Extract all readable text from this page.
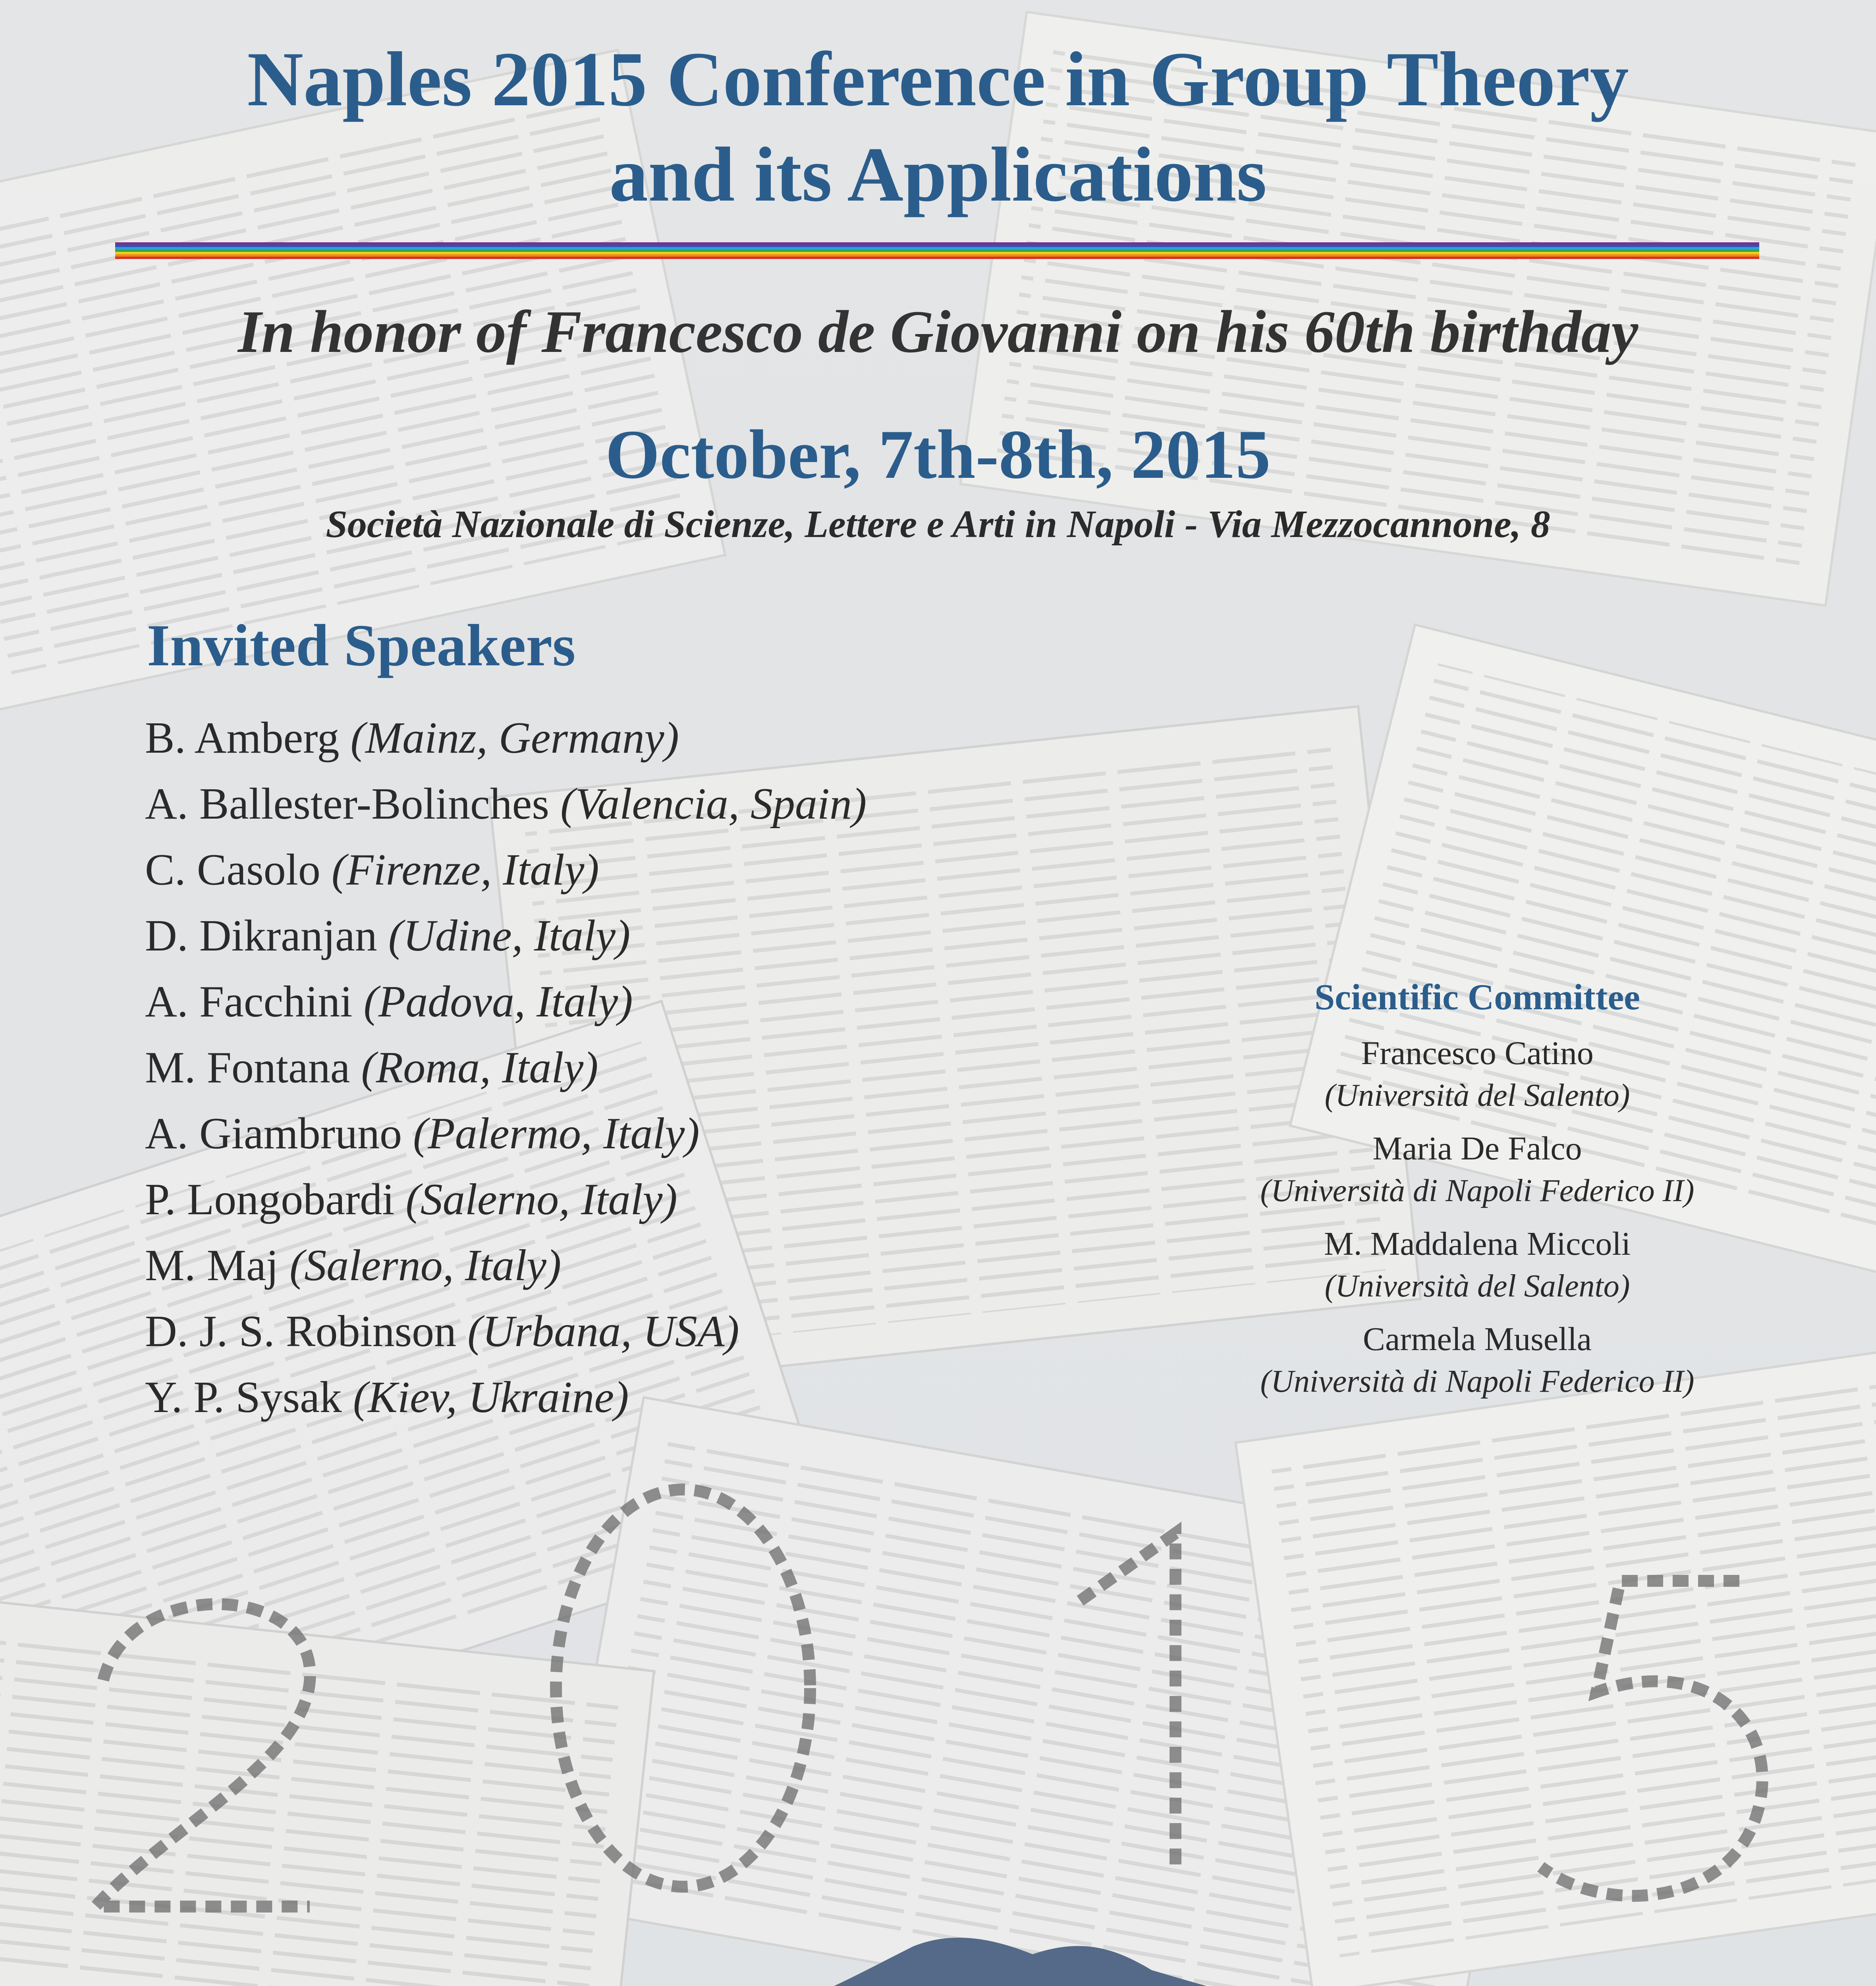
Naples 2015 Conference in Group Theory
and its Applications
In honor of Francesco de Giovanni on his 60th birthday
October, 7th-8th, 2015
Società Nazionale di Scienze, Lettere e Arti in Napoli - Via Mezzocannone, 8
Invited Speakers
B. Amberg (Mainz, Germany)
A. Ballester-Bolinches (Valencia, Spain)
C. Casolo (Firenze, Italy)
D. Dikranjan (Udine, Italy)
A. Facchini (Padova, Italy)
M. Fontana (Roma, Italy)
A. Giambruno (Palermo, Italy)
P. Longobardi (Salerno, Italy)
M. Maj (Salerno, Italy)
D. J. S. Robinson (Urbana, USA)
Y. P. Sysak (Kiev, Ukraine)
Scientific Committee
Francesco Catino
(Università del Salento)
Maria De Falco
(Università di Napoli Federico II)
M. Maddalena Miccoli
(Università del Salento)
Carmela Musella
(Università di Napoli Federico II)
